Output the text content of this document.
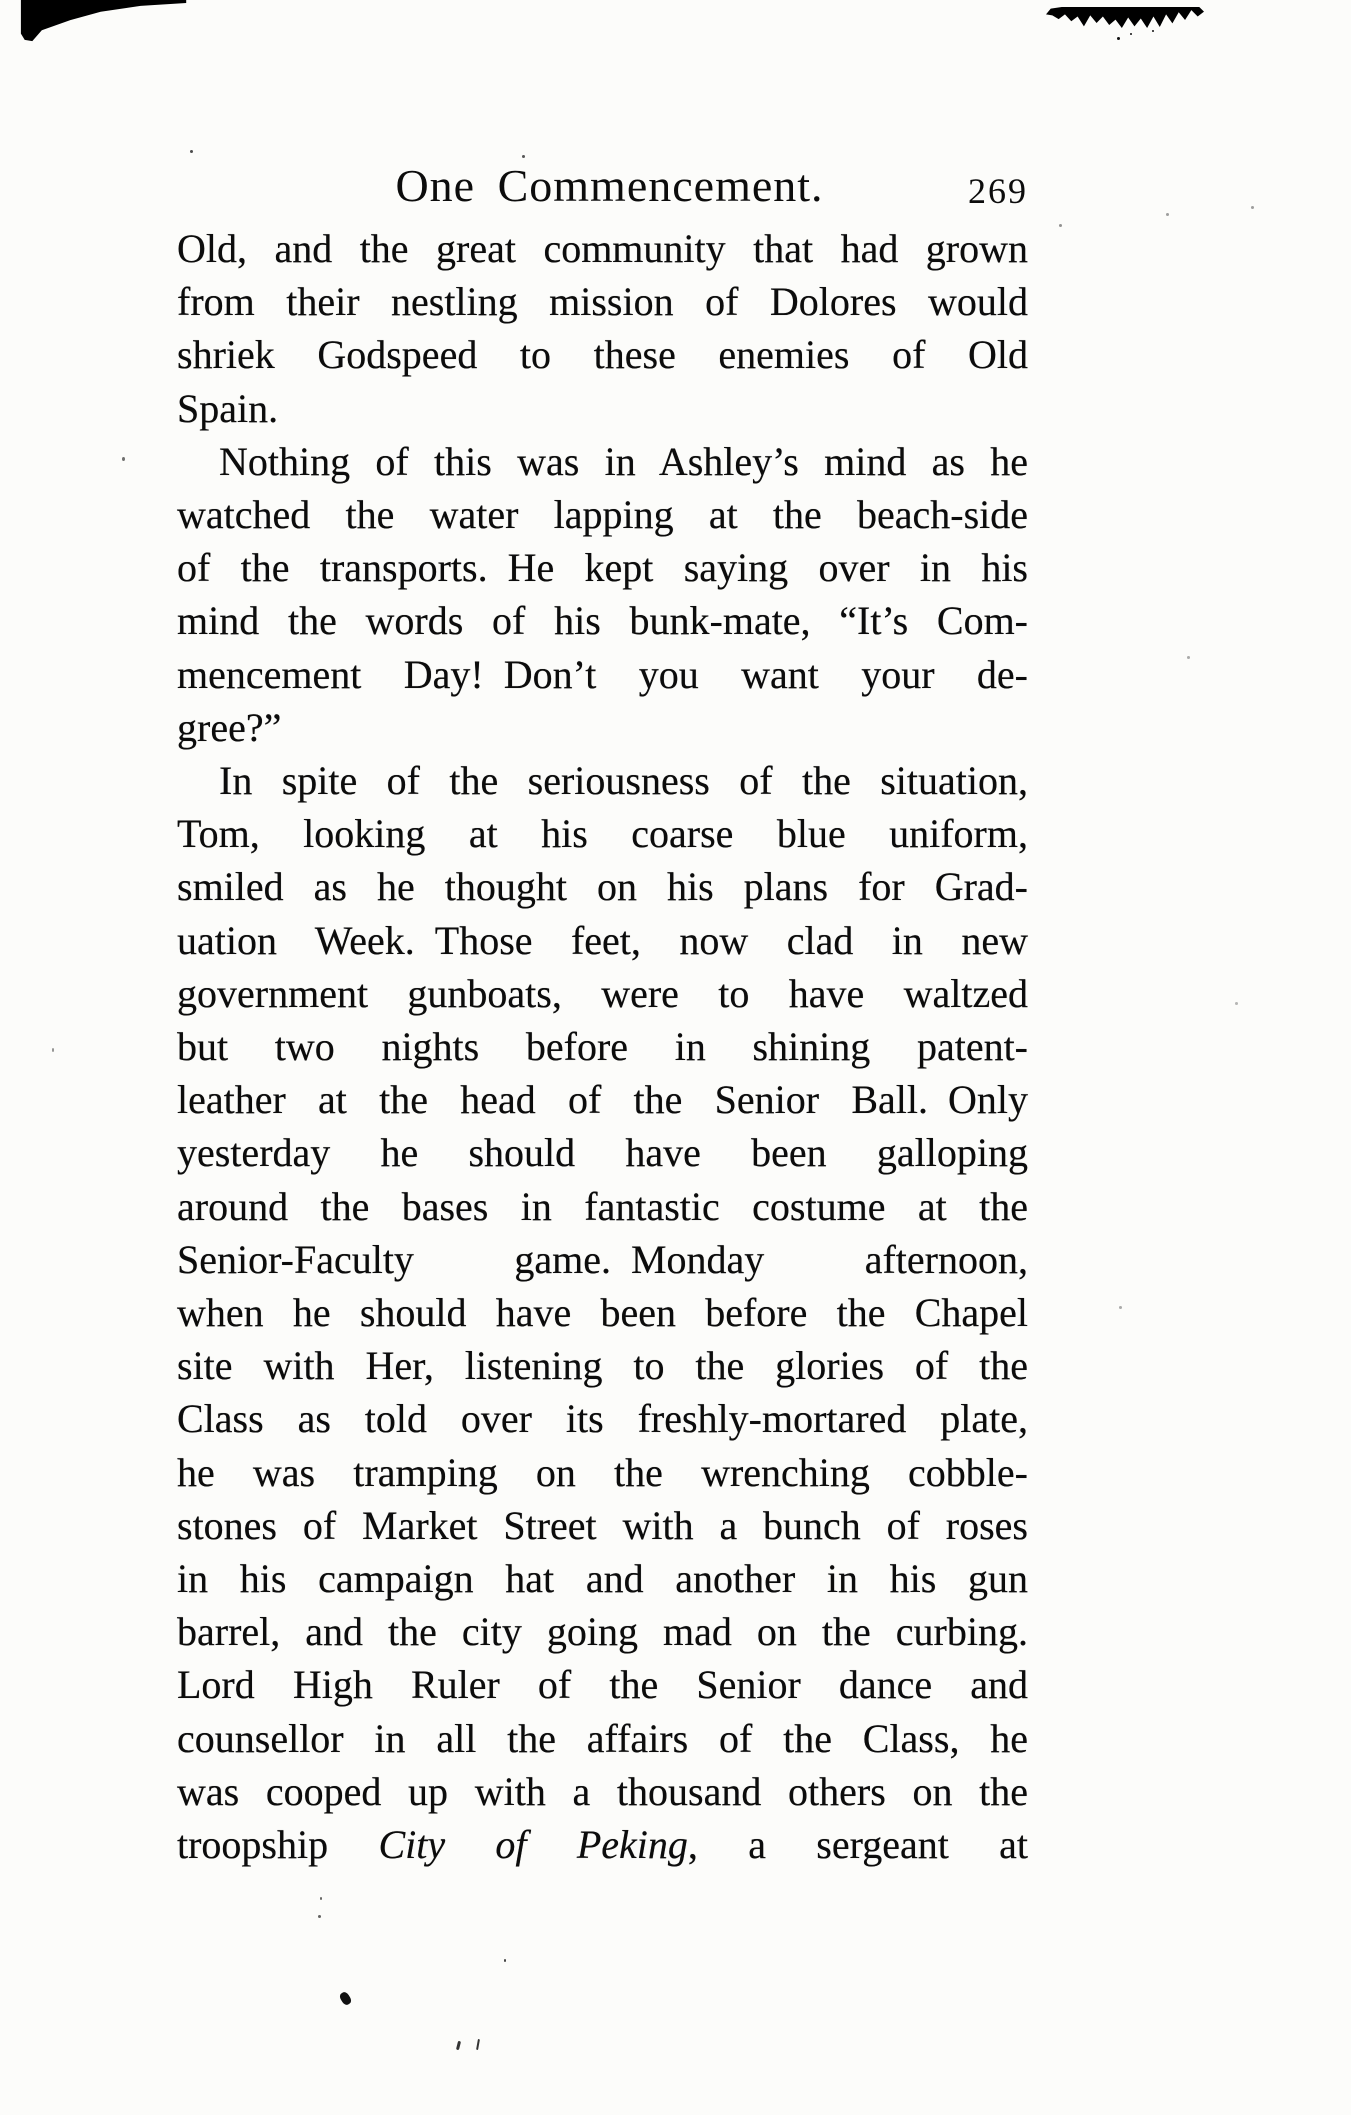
One Commencement.	269
Old, and the great community that had grown
from their nestling mission of Dolores would
shriek Godspeed to these enemies of Old
Spain.
Nothing of this was in Ashley’s mind as he
watched the water lapping at the beach-side
of the transports. He kept saying over in his
mind the words of his bunk-mate, “It’s Com-
mencement Day! Don’t you want your de-
gree?”
In spite of the seriousness of the situation,
Tom, looking at his coarse blue uniform,
smiled as he thought on his plans for Grad-
uation Week. Those feet, now clad in new
government gunboats, were to have waltzed
but two nights before in shining patent-
leather at the head of the Senior Ball. Only
yesterday he should have been galloping
around the bases in fantastic costume at the
Senior-Faculty game. Monday afternoon,
when he should have been before the Chapel
site with Her, listening to the glories of the
Class as told over its freshly-mortared plate,
he was tramping on the wrenching cobble-
stones of Market Street with a bunch of roses
in his campaign hat and another in his gun
barrel, and the city going mad on the curbing.
Lord High Ruler of the Senior dance and
counsellor in all the affairs of the Class, he
was cooped up with a thousand others on the
troopship City of Peking, a sergeant at
